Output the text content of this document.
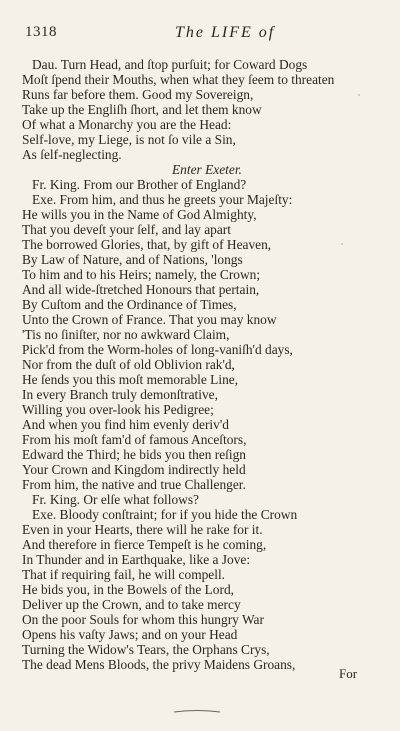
1318	The LIFE of
Dau. Turn Head, and ſtop purſuit; for Coward Dogs
Moſt ſpend their Mouths, when what they ſeem to threaten
Runs far before them. Good my Sovereign,
Take up the Engliſh ſhort, and let them know
Of what a Monarchy you are the Head:
Self-love, my Liege, is not ſo vile a Sin,
As ſelf-neglecting.
Enter Exeter.
Fr. King. From our Brother of England?
Exe. From him, and thus he greets your Majeſty:
He wills you in the Name of God Almighty,
That you deveſt your ſelf, and lay apart
The borrowed Glories, that, by gift of Heaven,
By Law of Nature, and of Nations, 'longs
To him and to his Heirs; namely, the Crown;
And all wide-ſtretched Honours that pertain,
By Cuſtom and the Ordinance of Times,
Unto the Crown of France. That you may know
'Tis no ſiniſter, nor no awkward Claim,
Pick'd from the Worm-holes of long-vaniſh'd days,
Nor from the duſt of old Oblivion rak'd,
He ſends you this moſt memorable Line,
In every Branch truly demonſtrative,
Willing you over-look his Pedigree;
And when you find him evenly deriv'd
From his moſt fam'd of famous Anceſtors,
Edward the Third; he bids you then reſign
Your Crown and Kingdom indirectly held
From him, the native and true Challenger.
Fr. King. Or elſe what follows?
Exe. Bloody conſtraint; for if you hide the Crown
Even in your Hearts, there will he rake for it.
And therefore in fierce Tempeſt is he coming,
In Thunder and in Earthquake, like a Jove:
That if requiring fail, he will compell.
He bids you, in the Bowels of the Lord,
Deliver up the Crown, and to take mercy
On the poor Souls for whom this hungry War
Opens his vaſty Jaws; and on your Head
Turning the Widow's Tears, the Orphans Crys,
The dead Mens Bloods, the privy Maidens Groans,
For
